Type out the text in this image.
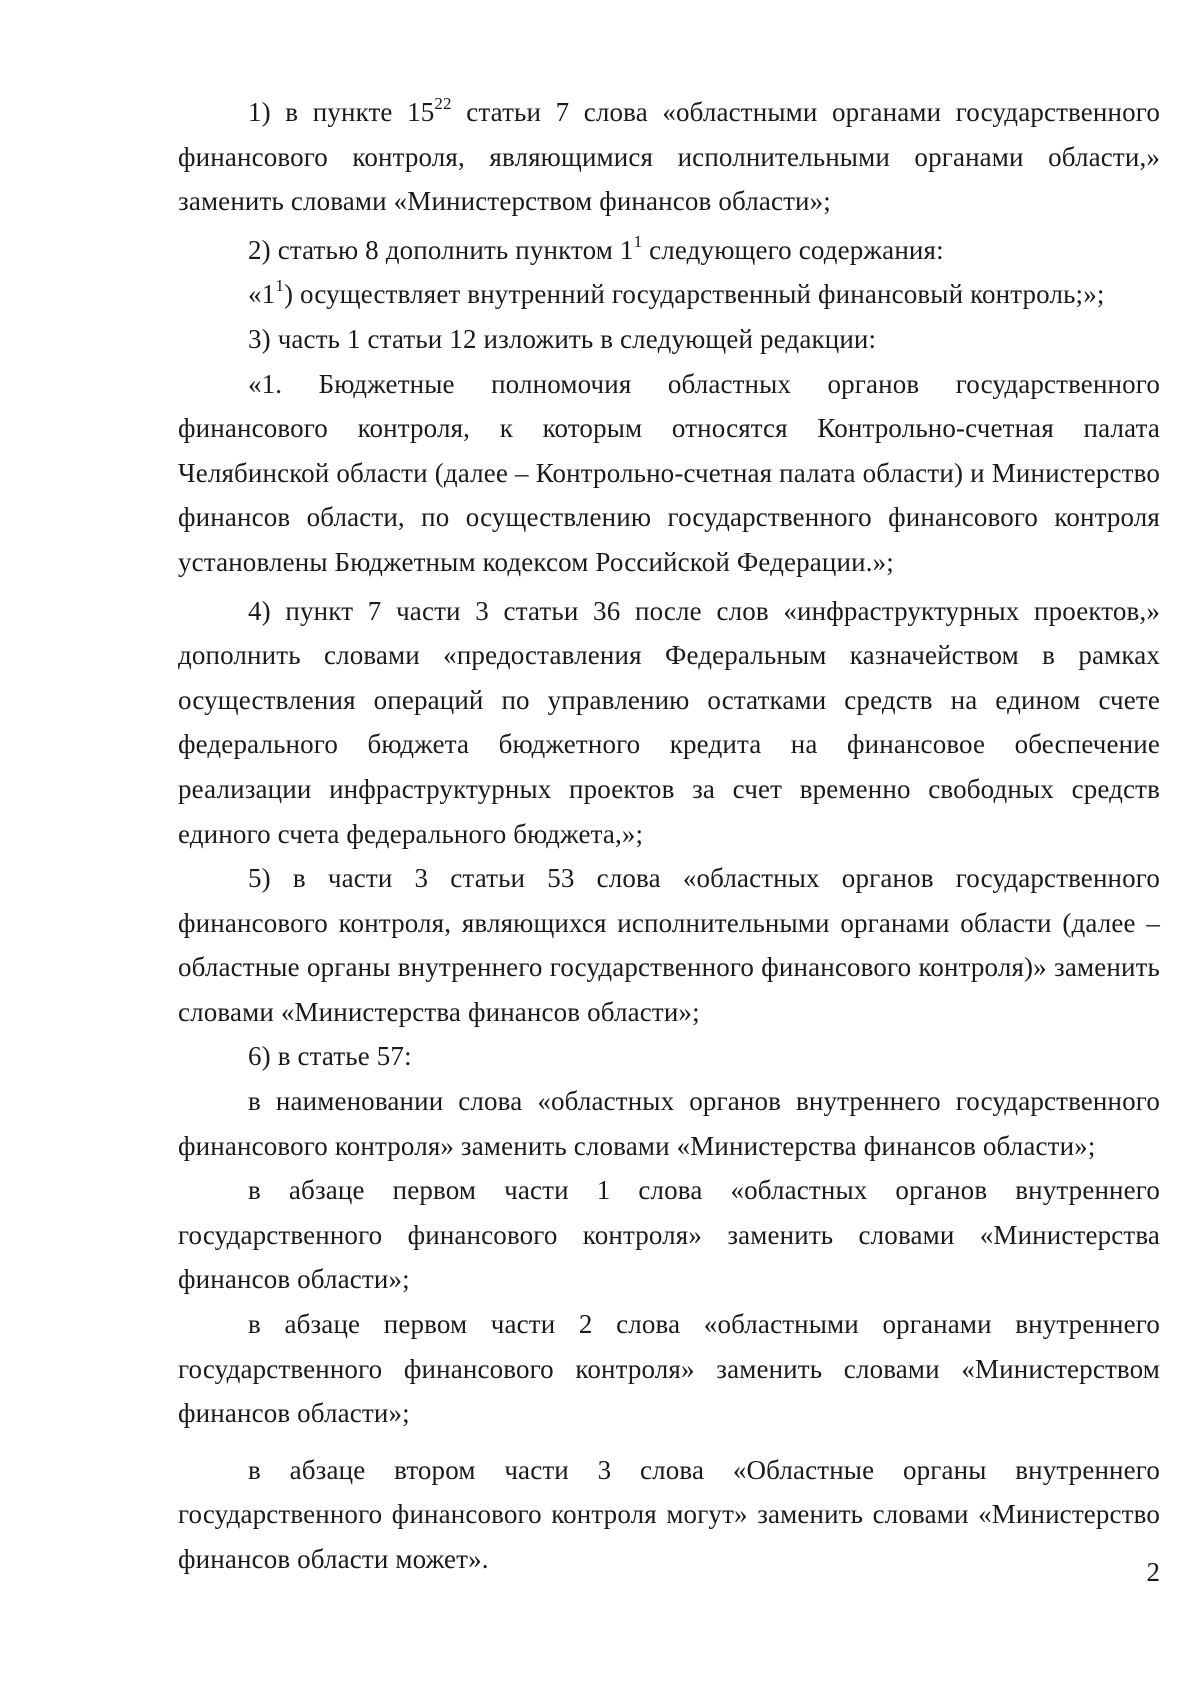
1) в пункте $15^{22}$ статьи 7 слова «областными органами государственного финансового контроля, являющимися исполнительными органами области,» заменить словами «Министерством финансов области»;

2) статью 8 дополнить пунктом $1^1$ следующего содержания:

«$1^1$) осуществляет внутренний государственный финансовый контроль;»;

3) часть 1 статьи 12 изложить в следующей редакции:

«1. Бюджетные полномочия областных органов государственного финансового контроля, к которым относятся Контрольно-счетная палата Челябинской области (далее – Контрольно-счетная палата области) и Министерство финансов области, по осуществлению государственного финансового контроля установлены Бюджетным кодексом Российской Федерации.»;

4) пункт 7 части 3 статьи 36 после слов «инфраструктурных проектов,» дополнить словами «предоставления Федеральным казначейством в рамках осуществления операций по управлению остатками средств на едином счете федерального бюджета бюджетного кредита на финансовое обеспечение реализации инфраструктурных проектов за счет временно свободных средств единого счета федерального бюджета,»;

5) в части 3 статьи 53 слова «областных органов государственного финансового контроля, являющихся исполнительными органами области (далее – областные органы внутреннего государственного финансового контроля)» заменить словами «Министерства финансов области»;

6) в статье 57:

в наименовании слова «областных органов внутреннего государственного финансового контроля» заменить словами «Министерства финансов области»;

в абзаце первом части 1 слова «областных органов внутреннего государственного финансового контроля» заменить словами «Министерства финансов области»;

в абзаце первом части 2 слова «областными органами внутреннего государственного финансового контроля» заменить словами «Министерством финансов области»;

в абзаце втором части 3 слова «Областные органы внутреннего государственного финансового контроля могут» заменить словами «Министерство финансов области может».	2
